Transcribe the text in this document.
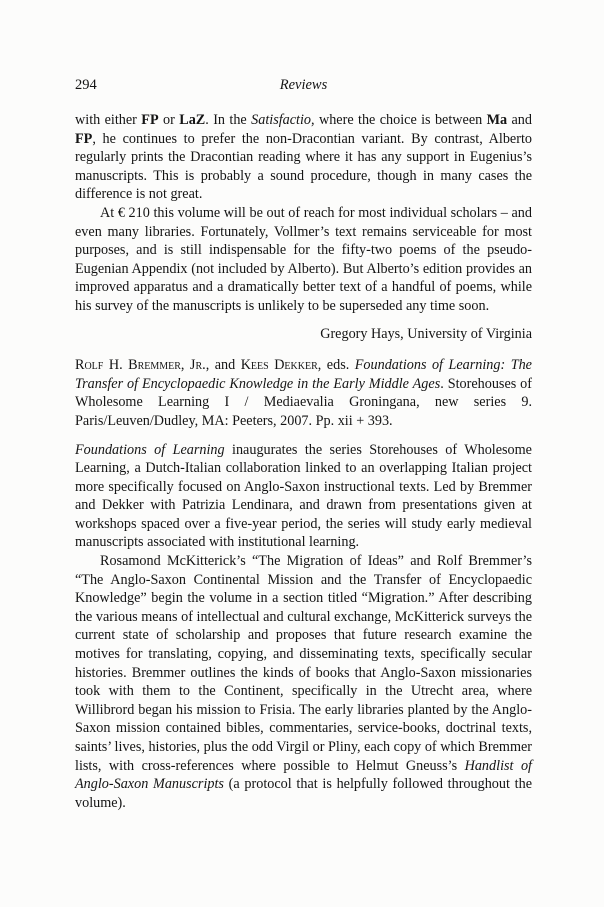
294	Reviews

with either FP or LaZ. In the Satisfactio, where the choice is between Ma and FP, he continues to prefer the non-Dracontian variant. By contrast, Alberto regularly prints the Dracontian reading where it has any support in Eugenius’s manuscripts. This is probably a sound procedure, though in many cases the difference is not great.

At € 210 this volume will be out of reach for most individual scholars – and even many libraries. Fortunately, Vollmer’s text remains serviceable for most purposes, and is still indispensable for the fifty-two poems of the pseudo-Eugenian Appendix (not included by Alberto). But Alberto’s edition provides an improved apparatus and a dramatically better text of a handful of poems, while his survey of the manuscripts is unlikely to be superseded any time soon.

Gregory Hays, University of Virginia

Rolf H. Bremmer, Jr., and Kees Dekker, eds. Foundations of Learning: The Transfer of Encyclopaedic Knowledge in the Early Middle Ages. Storehouses of Wholesome Learning I / Mediaevalia Groningana, new series 9. Paris/Leuven/Dudley, MA: Peeters, 2007. Pp. xii + 393.

Foundations of Learning inaugurates the series Storehouses of Wholesome Learning, a Dutch-Italian collaboration linked to an overlapping Italian project more specifically focused on Anglo-Saxon instructional texts. Led by Bremmer and Dekker with Patrizia Lendinara, and drawn from presentations given at workshops spaced over a five-year period, the series will study early medieval manuscripts associated with institutional learning.

Rosamond McKitterick’s “The Migration of Ideas” and Rolf Bremmer’s “The Anglo-Saxon Continental Mission and the Transfer of Encyclopaedic Knowledge” begin the volume in a section titled “Migration.” After describing the various means of intellectual and cultural exchange, McKitterick surveys the current state of scholarship and proposes that future research examine the motives for translating, copying, and disseminating texts, specifically secular histories. Bremmer outlines the kinds of books that Anglo-Saxon missionaries took with them to the Continent, specifically in the Utrecht area, where Willibrord began his mission to Frisia. The early libraries planted by the Anglo-Saxon mission contained bibles, commentaries, service-books, doctrinal texts, saints’ lives, histories, plus the odd Virgil or Pliny, each copy of which Bremmer lists, with cross-references where possible to Helmut Gneuss’s Handlist of Anglo-Saxon Manuscripts (a protocol that is helpfully followed throughout the volume).
